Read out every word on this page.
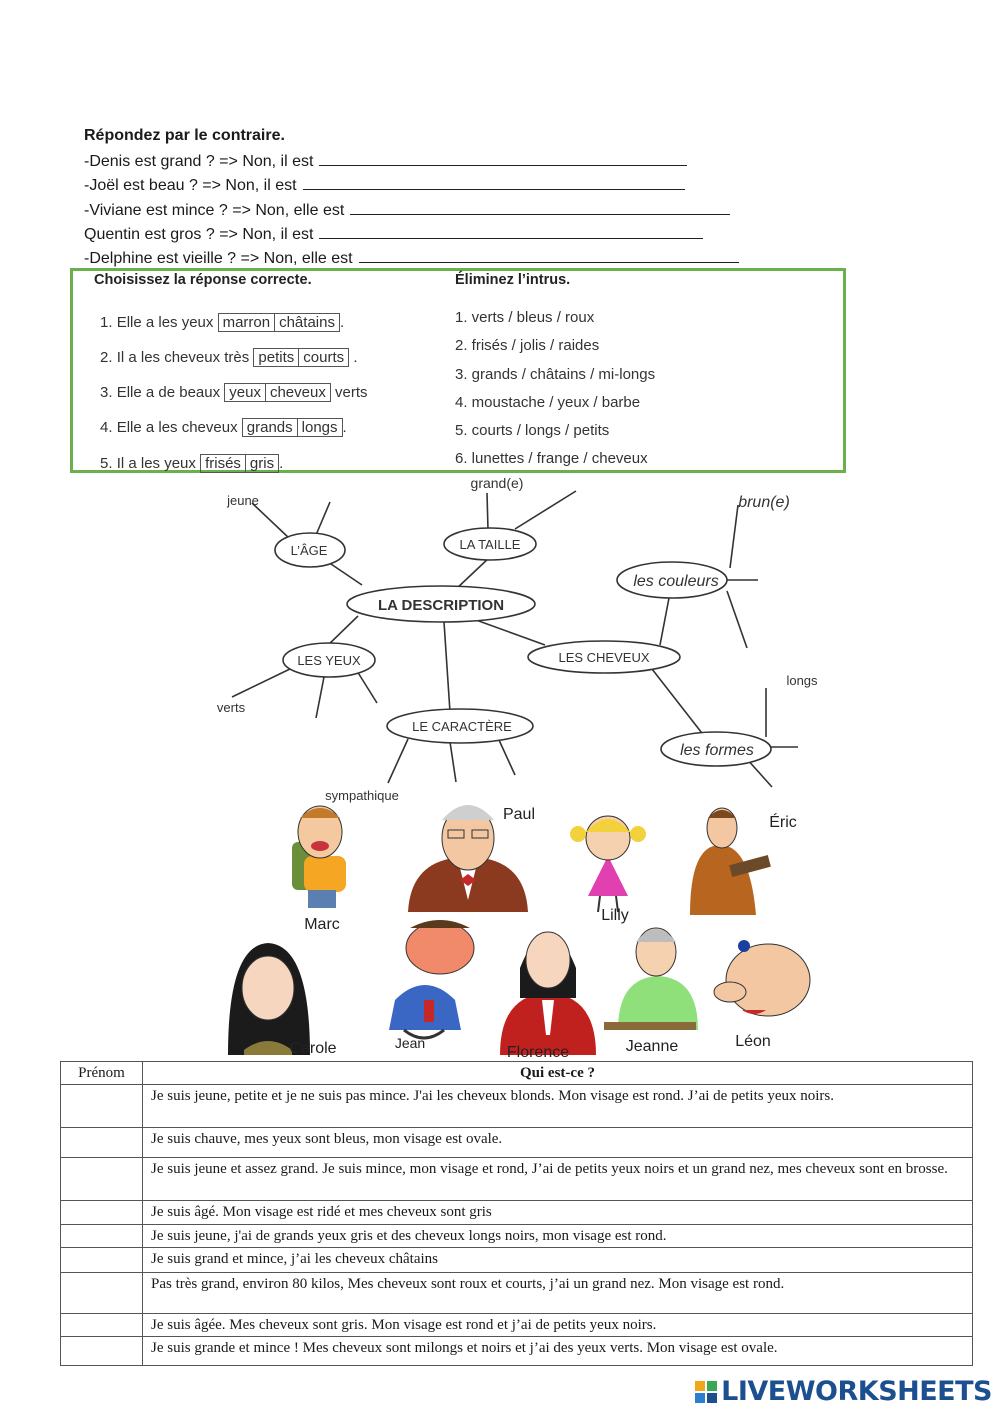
Répondez par le contraire.
-Denis est grand ? => Non, il est
-Joël est beau ? => Non, il est
-Viviane est mince ? => Non, elle est
Quentin est gros ? => Non, il est
-Delphine est vieille ? => Non, elle est
Choisissez la réponse correcte.
1. Elle a les yeux marron châtains .
2. Il a les cheveux très petits courts .
3. Elle a de beaux yeux cheveux verts
4. Elle a les cheveux grands longs .
5. Il a les yeux frisés gris .
Éliminez l’intrus.
1. verts / bleus / roux
2. frisés / jolis / raides
3. grands / châtains / mi-longs
4. moustache / yeux / barbe
5. courts / longs / petits
6. lunettes / frange / cheveux
L’ÂGE	LA TAILLE
LA DESCRIPTION
les couleurs
LES YEUX	LES CHEVEUX
LE CARACTÈRE
les formes
jeune
grand(e)
brun(e)
verts
sympathique
longs
Marc
Paul
Lilly
Éric
Carole	Jean
Florence	Jeanne	Léon
Prénom	Qui est-ce ?
	Je suis jeune, petite et je ne suis pas mince. J'ai les cheveux blonds. Mon visage est rond. J’ai de petits yeux noirs.
	Je suis chauve, mes yeux sont bleus, mon visage est ovale.
	Je suis jeune et assez grand. Je suis mince, mon visage et rond, J’ai de petits yeux noirs et un grand nez, mes cheveux sont en brosse.
	Je suis âgé. Mon visage est ridé et mes cheveux sont gris
	Je suis jeune, j'ai de grands yeux gris et des cheveux longs noirs, mon visage est rond.
	Je suis grand et mince, j’ai les cheveux châtains
	Pas très grand, environ 80 kilos, Mes cheveux sont roux et courts, j’ai un grand nez. Mon visage est rond.
	Je suis âgée. Mes cheveux sont gris. Mon visage est rond et j’ai de petits yeux noirs.
	Je suis grande et mince ! Mes cheveux sont milongs et noirs et j’ai des yeux verts. Mon visage est ovale.
LIVEWORKSHEETS
